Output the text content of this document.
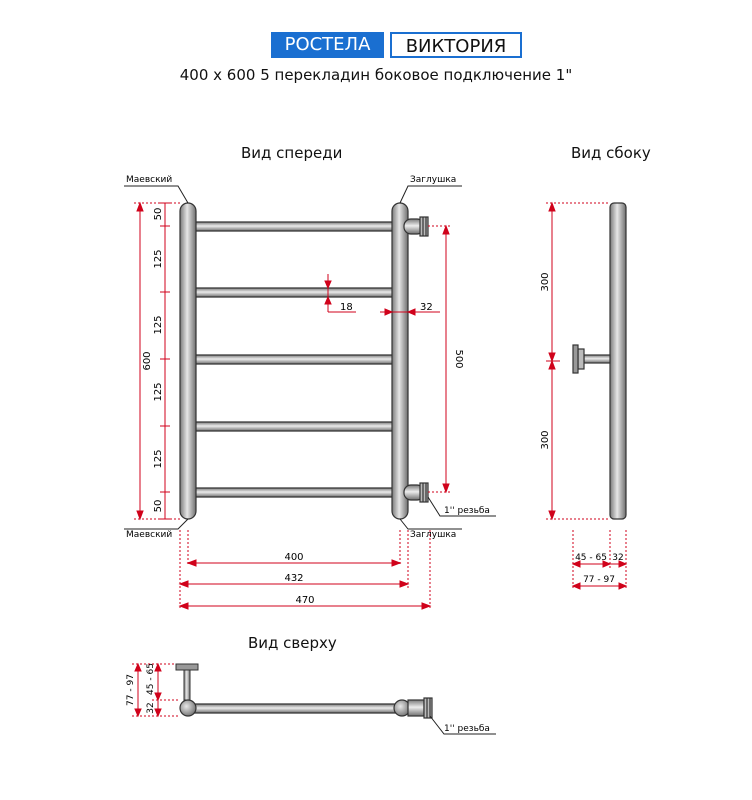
РОСТЕЛА	ВИКТОРИЯ
400 x 600 5 перекладин боковое подключение 1"
Вид спереди	Вид сбоку
Вид сверху
Маевский
Маевский
Заглушка
Заглушка
1'' резьба
600
50
125
125
125
125
50
500
18	32
400
432
470
300
300
45 - 65 32
77 - 97
1'' резьба
77 - 97
32
45 - 65
